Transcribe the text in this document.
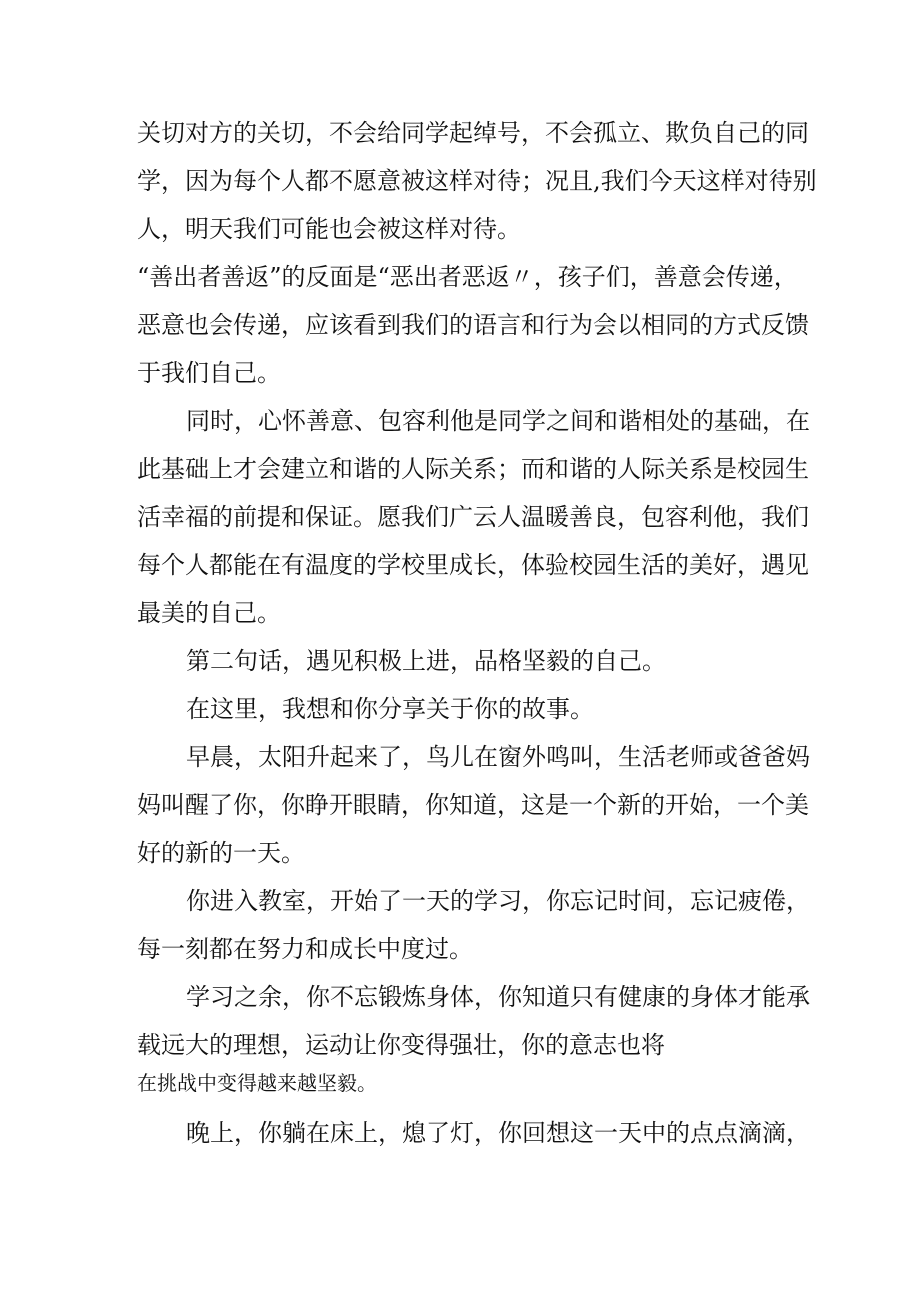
关切对方的关切，不会给同学起绰号，不会孤立、欺负自己的同
学，因为每个人都不愿意被这样对待；况且,我们今天这样对待别
人，明天我们可能也会被这样对待。
“善出者善返”的反面是“恶出者恶返〃，孩子们，善意会传递，
恶意也会传递，应该看到我们的语言和行为会以相同的方式反馈
于我们自己。
同时，心怀善意、包容利他是同学之间和谐相处的基础，在
此基础上才会建立和谐的人际关系；而和谐的人际关系是校园生
活幸福的前提和保证。愿我们广云人温暖善良，包容利他，我们
每个人都能在有温度的学校里成长，体验校园生活的美好，遇见
最美的自己。
第二句话，遇见积极上进，品格坚毅的自己。
在这里，我想和你分享关于你的故事。
早晨，太阳升起来了，鸟儿在窗外鸣叫，生活老师或爸爸妈
妈叫醒了你，你睁开眼睛，你知道，这是一个新的开始，一个美
好的新的一天。
你进入教室，开始了一天的学习，你忘记时间，忘记疲倦，
每一刻都在努力和成长中度过。
学习之余，你不忘锻炼身体，你知道只有健康的身体才能承
载远大的理想，运动让你变得强壮，你的意志也将
在挑战中变得越来越坚毅。
晚上，你躺在床上，熄了灯，你回想这一天中的点点滴滴，
